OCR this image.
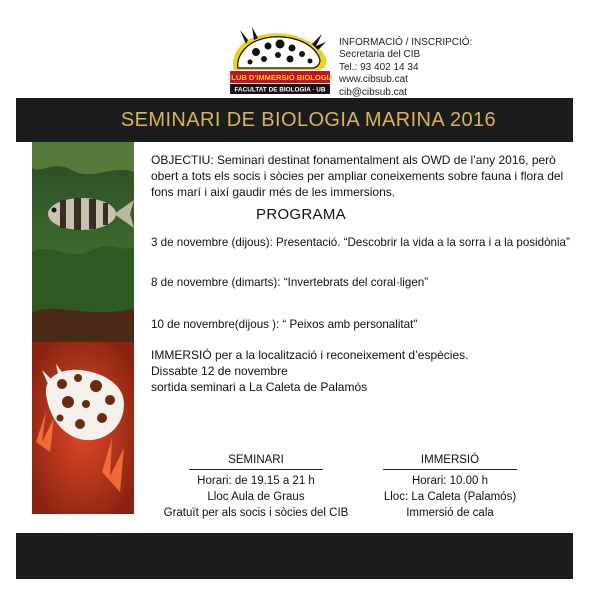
CLUB D'IMMERSIÓ BIOLOGIA
FACULTAT DE BIOLOGIA · UB
INFORMACIÓ / INSCRIPCIÓ:
Secretaria del CIB
Tel.: 93 402 14 34
www.cibsub.cat
cib@cibsub.cat
SEMINARI DE BIOLOGIA MARINA 2016
OBJECTIU: Seminari destinat fonamentalment als OWD de l’any 2016, però obert a tots els socis i sòcies per ampliar coneixements sobre fauna i flora del fons marí i així gaudir més de les immersions.
PROGRAMA
3 de novembre (dijous): Presentació. “Descobrir la vida a la sorra i a la posidònia”
8 de novembre (dimarts): “Invertebrats del coral·ligen”
10 de novembre(dijous ): “ Peixos amb personalitat"
IMMERSIÓ per a la localització i reconeixement d’espècies.
Dissabte 12 de novembre
sortida seminari a La Caleta de Palamós
SEMINARI
Horari: de 19.15 a 21 h
Lloc Aula de Graus
Gratuït per als socis i sòcies del CIB
IMMERSIÓ
Horari: 10.00 h
Lloc: La Caleta (Palamós)
Immersió de cala
